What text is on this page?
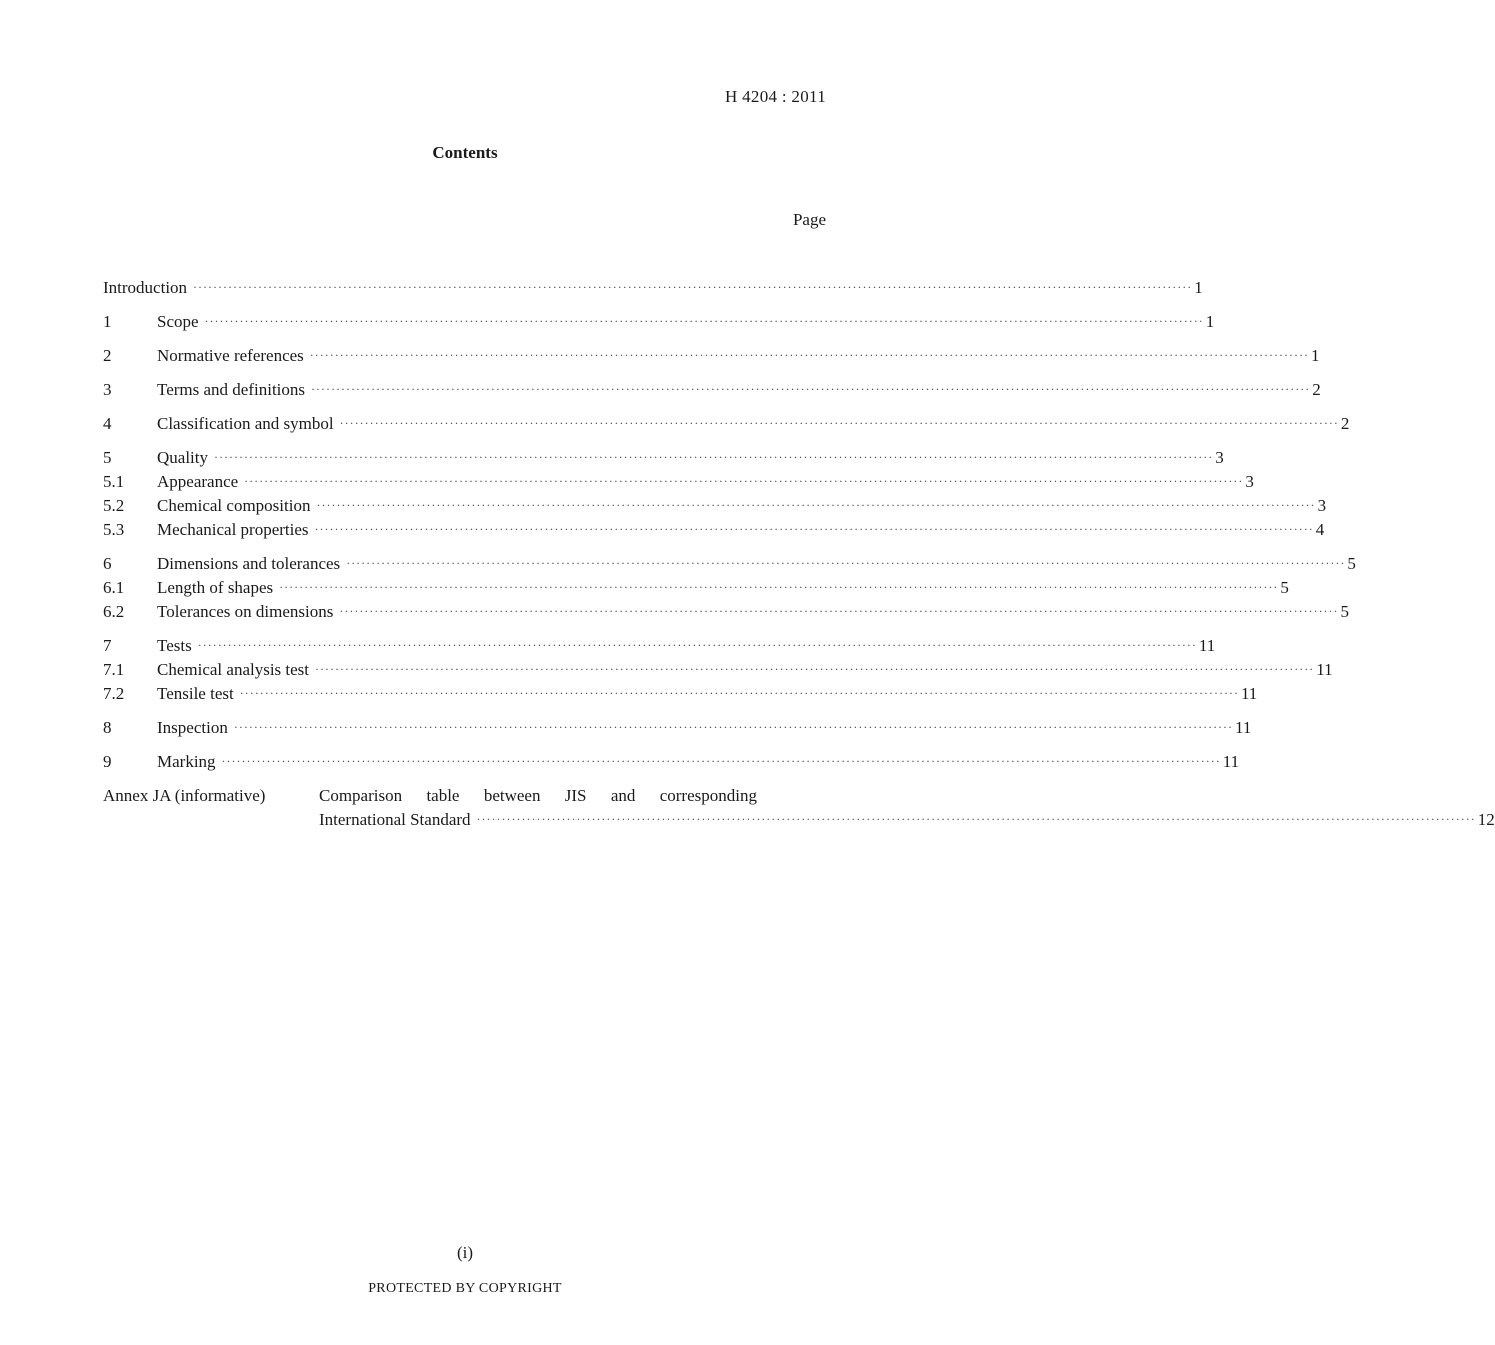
H 4204 : 2011
Contents
Page
Introduction ········································································································································································································ 1
1	Scope ········································································································································································································ 1
2	Normative references ········································································································································································································ 1
3	Terms and definitions ········································································································································································································ 2
4	Classification and symbol ········································································································································································································ 2
5	Quality ········································································································································································································ 3
5.1	Appearance ········································································································································································································ 3
5.2	Chemical composition ········································································································································································································ 3
5.3	Mechanical properties ········································································································································································································ 4
6	Dimensions and tolerances ········································································································································································································ 5
6.1	Length of shapes ········································································································································································································ 5
6.2	Tolerances on dimensions ········································································································································································································ 5
7	Tests ········································································································································································································ 11
7.1	Chemical analysis test ········································································································································································································ 11
7.2	Tensile test ········································································································································································································ 11
8	Inspection ········································································································································································································ 11
9	Marking ········································································································································································································ 11
Annex JA (informative)	Comparison table between JIS and corresponding
International Standard ········································································································································································································ 12
(i)
PROTECTED BY COPYRIGHT
